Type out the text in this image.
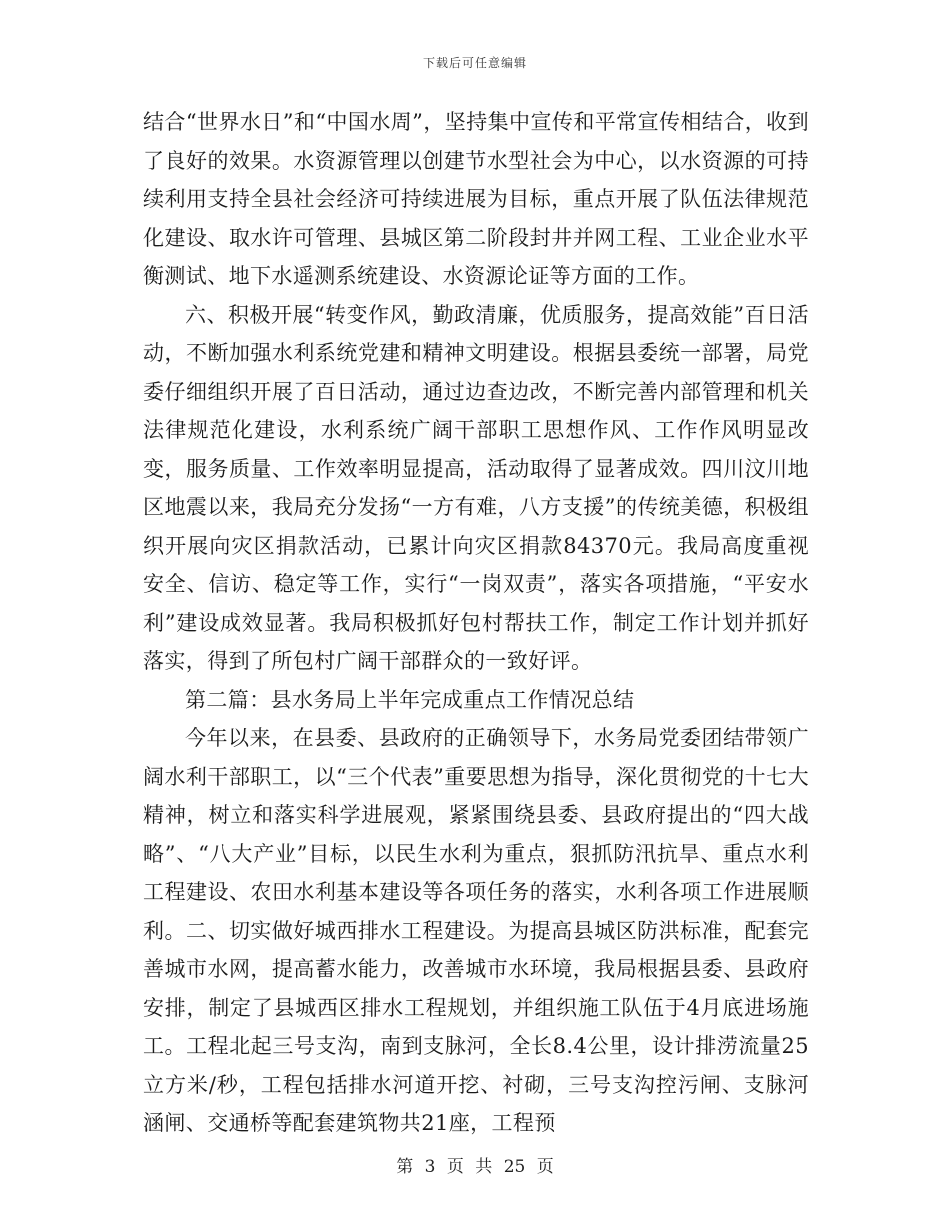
下载后可任意编辑

结合“世界水日”和“中国水周”，坚持集中宣传和平常宣传相结合，收到了良好的效果。水资源管理以创建节水型社会为中心，以水资源的可持续利用支持全县社会经济可持续进展为目标，重点开展了队伍法律规范化建设、取水许可管理、县城区第二阶段封井并网工程、工业企业水平衡测试、地下水遥测系统建设、水资源论证等方面的工作。

六、积极开展“转变作风，勤政清廉，优质服务，提高效能”百日活动，不断加强水利系统党建和精神文明建设。根据县委统一部署，局党委仔细组织开展了百日活动，通过边查边改，不断完善内部管理和机关法律规范化建设，水利系统广阔干部职工思想作风、工作作风明显改变，服务质量、工作效率明显提高，活动取得了显著成效。四川汶川地区地震以来，我局充分发扬“一方有难，八方支援”的传统美德，积极组织开展向灾区捐款活动，已累计向灾区捐款84370元。我局高度重视安全、信访、稳定等工作，实行“一岗双责”，落实各项措施，“平安水利”建设成效显著。我局积极抓好包村帮扶工作，制定工作计划并抓好落实，得到了所包村广阔干部群众的一致好评。

第二篇：县水务局上半年完成重点工作情况总结

今年以来，在县委、县政府的正确领导下，水务局党委团结带领广阔水利干部职工，以“三个代表”重要思想为指导，深化贯彻党的十七大精神，树立和落实科学进展观，紧紧围绕县委、县政府提出的“四大战略”、“八大产业”目标，以民生水利为重点，狠抓防汛抗旱、重点水利工程建设、农田水利基本建设等各项任务的落实，水利各项工作进展顺利。二、切实做好城西排水工程建设。为提高县城区防洪标准，配套完善城市水网，提高蓄水能力，改善城市水环境，我局根据县委、县政府安排，制定了县城西区排水工程规划，并组织施工队伍于4月底进场施工。工程北起三号支沟，南到支脉河，全长8.4公里，设计排涝流量25立方米/秒，工程包括排水河道开挖、衬砌，三号支沟控污闸、支脉河涵闸、交通桥等配套建筑物共21座，工程预

第 3 页 共 25 页
